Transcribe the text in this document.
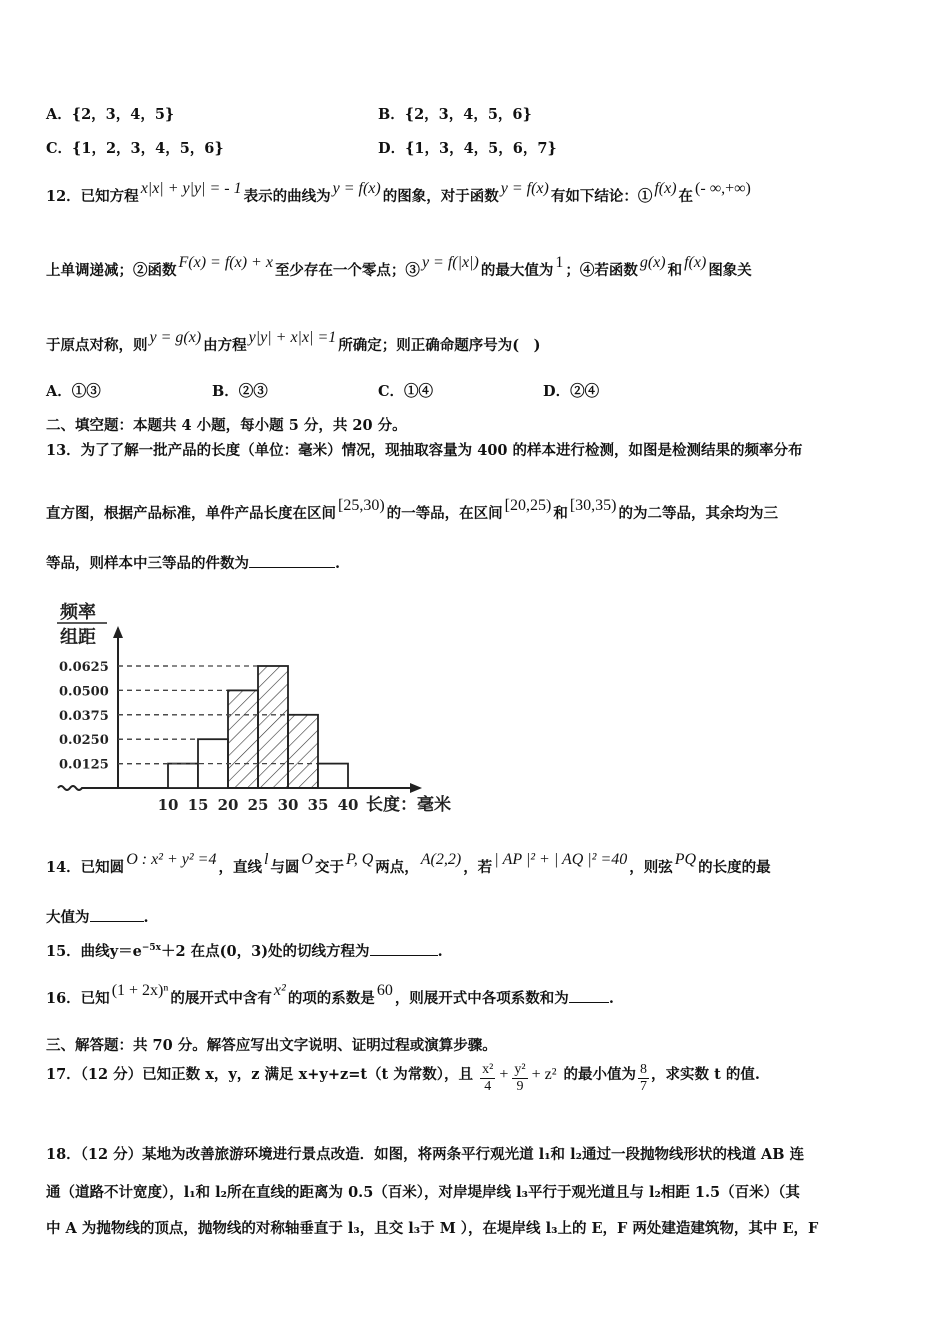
A．{2，3，4，5}	B．{2，3，4，5，6}
C．{1，2，3，4，5，6}	D．{1，3，4，5，6，7}
12．已知方程 x|x| + y|y| = - 1 表示的曲线为 y = f(x) 的图象，对于函数 y = f(x) 有如下结论：① f(x) 在 (- ∞,+∞)
上单调递减；②函数 F(x) = f(x) + x 至少存在一个零点；③ y = f(|x|) 的最大值为 1 ；④若函数 g(x) 和 f(x) 图象关
于原点对称，则 y = g(x) 由方程 y|y| + x|x| =1 所确定；则正确命题序号为(　)
A．①③	B．②③	C．①④	D．②④
二、填空题：本题共 4 小题，每小题 5 分，共 20 分。
13．为了了解一批产品的长度（单位：毫米）情况，现抽取容量为 400 的样本进行检测，如图是检测结果的频率分布
直方图，根据产品标准，单件产品长度在区间 [25,30) 的一等品，在区间 [20,25) 和 [30,35) 的为二等品，其余均为三
等品，则样本中三等品的件数为	.
频率
组距
0.0625
0.0500
0.0375
0.0250
0.0125
10 15 20 25 30 35 40 长度：毫米
14．已知圆 O : x² + y² =4 ，直线 l 与圆 O 交于 P, Q 两点， A(2,2) ，若 | AP |² + | AQ |² =40 ，则弦 PQ 的长度的最
大值为	.
15．曲线$y=e^{-5x}+2$ 在点(0，3)处的切线方程为	.
16．已知 (1 + 2x)ⁿ 的展开式中含有 x² 的项的系数是 60 ，则展开式中各项系数和为	.
三、解答题：共 70 分。解答应写出文字说明、证明过程或演算步骤。
17．（12 分）已知正数 x，y，z 满足 x+y+z=t（t 为常数），且 $\frac{\text{x²}}{4} + \frac{\text{y²}}{9} + z^2$ 的最小值为 $\frac{8}{7}$ ，求实数 t 的值.
18．（12 分）某地为改善旅游环境进行景点改造．如图，将两条平行观光道 l₁和 l₂通过一段抛物线形状的栈道 AB 连
通（道路不计宽度），l₁和 l₂所在直线的距离为 0.5（百米），对岸堤岸线 l₃平行于观光道且与 l₂相距 1.5（百米）（其
中 A 为抛物线的顶点，抛物线的对称轴垂直于 l₃，且交 l₃于 M ），在堤岸线 l₃上的 E，F 两处建造建筑物，其中 E，F
